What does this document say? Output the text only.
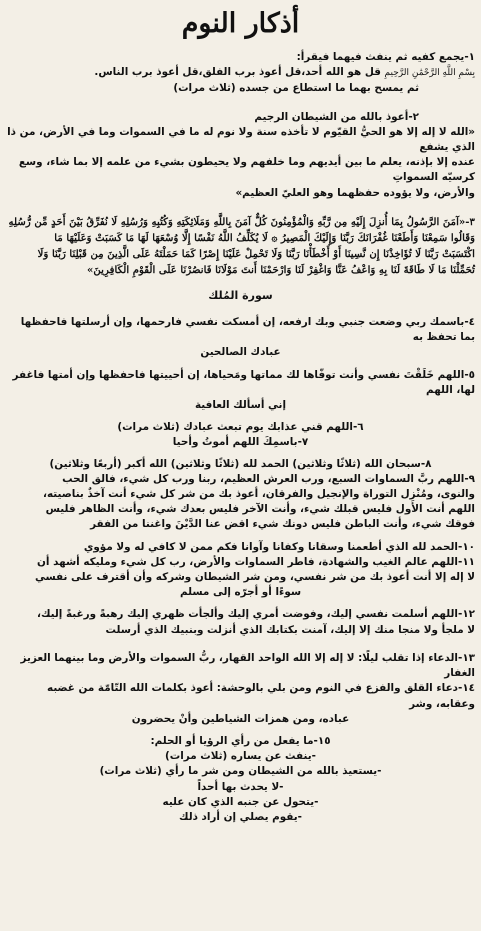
أذكار النوم

١-يجمع كفيه ثم ينفث فيهما فيقرأ:

بِسْمِ اللَّهِ الرَّحْمَٰنِ الرَّحِيمِ قل هو الله أحد،قل أعوذ برب الفلق،قل أعوذ برب الناس.

ثم يمسح بهما ما استطاع من جسده (ثلاث مرات)

٢-أعوذ بالله من الشيطان الرجيم

«الله لا إله إلا هو الحيُّ القيّوم لا تأخذه سنة ولا نوم له ما في السموات وما في الأرض، من ذا الذي يشفع

عنده إلا بإذنه، يعلم ما بين أيديهم وما خلفهم ولا يحيطون بشيء من علمه إلا بما شاء، وسع كرسيّه السمواتِ

والأرض، ولا يؤوده حفظهما وهو العليّ العظيم»

٣-«آمَنَ الرَّسُولُ بِمَا أُنزِلَ إِلَيْهِ مِن رَّبِّهِ وَالْمُؤْمِنُونَ كُلٌّ آمَنَ بِاللَّهِ وَمَلَائِكَتِهِ وَكُتُبِهِ وَرُسُلِهِ لَا نُفَرِّقُ بَيْنَ أَحَدٍ مِّن رُّسُلِهِ

وَقَالُوا سَمِعْنَا وَأَطَعْنَا غُفْرَانَكَ رَبَّنَا وَإِلَيْكَ الْمَصِيرُ ۞ لَا يُكَلِّفُ اللَّهُ نَفْسًا إِلَّا وُسْعَهَا لَهَا مَا كَسَبَتْ وَعَلَيْهَا مَا

اكْتَسَبَتْ رَبَّنَا لَا تُؤَاخِذْنَا إِن نَّسِينَا أَوْ أَخْطَأْنَا رَبَّنَا وَلَا تَحْمِلْ عَلَيْنَا إِصْرًا كَمَا حَمَلْتَهُ عَلَى الَّذِينَ مِن قَبْلِنَا رَبَّنَا وَلَا

تُحَمِّلْنَا مَا لَا طَاقَةَ لَنَا بِهِ وَاعْفُ عَنَّا وَاغْفِرْ لَنَا وَارْحَمْنَا أَنتَ مَوْلَانَا فَانصُرْنَا عَلَى الْقَوْمِ الْكَافِرِينَ»

سورة المُلك

٤-باسمك ربي وضعت جنبي وبك ارفعه، إن أمسكت نفسي فارحمها، وإن أرسلتها فاحفظها بما تحفظ به

عبادك الصالحين

٥-اللهم خَلَقْتَ نفسي وأنت توفّاها لك مماتها ومَحياها، إن أحييتها فاحفظها وإن أمتها فاغفر لها، اللهم

إني أسألك العافية

٦-اللهم قني عذابك يوم تبعث عبادك (ثلاث مرات)

٧-باسمِكَ اللهم أموتُ وأحيا

٨-سبحان الله (ثلاثًا وثلاثين) الحمد لله (ثلاثًا وثلاثين) الله أكبر (أربعًا وثلاثين)

٩-اللهم ربَّ السماوات السبع، ورب العرش العظيم، ربنا ورب كل شيء، فالق الحب

والنوى، ومُنْزِل التوراة والإنجيل والفرقان، أعوذ بك من شر كل شيء أنت آخذٌ بناصيته،

اللهم أنت الأول فليس قبلك شيء، وأنت الآخر فليس بعدك شيء، وأنت الظاهر فليس

فوقك شيء، وأنت الباطن فليس دونك شيء اقض عنا الدَّيْنَ واغننا من الفقر

١٠-الحمد لله الذي أطعمنا وسقانا وكفانا وآوانا فكم ممن لا كافي له ولا مؤوي

١١-اللهم عالم الغيب والشهادة، فاطر السماوات والأرض، رب كل شيء ومليكه أشهد أن

لا إله إلا أنت أعوذ بك من شر نفسي، ومن شر الشيطان وشركه وأن أقترف على نفسي

سوءًا أو أجرّه إلى مسلم

١٢-اللهم أسلمت نفسي إليك، وفوضت أمري إليك وألجأت ظهري إليك رهبةً ورغبةً إليك،

لا ملجأ ولا منجا منك إلا إليك، آمنت بكتابك الذي أنزلت وبنبيك الذي أرسلت

١٣-الدعاء إذا تقلب ليلًا: لا إله إلا الله الواحد القهار، ربُّ السموات والأرض وما بينهما العزيز الغفار

١٤-دعاء القلق والفزع في النوم ومن بلي بالوحشة: أعوذ بكلمات الله التّامّة من غضبه وعقابه، وشر

عباده، ومن همزات الشياطين وأنْ يحضرون

١٥-ما يفعل من رأي الرؤيا أو الحلم:

-ينفث عن يساره (ثلاث مرات)

-يستعيذ بالله من الشيطان ومن شر ما رأي (ثلاث مرات)

-لا يحدث بها أحداً

-يتحول عن جنبه الذي كان عليه

-يقوم يصلي إن أراد ذلك
